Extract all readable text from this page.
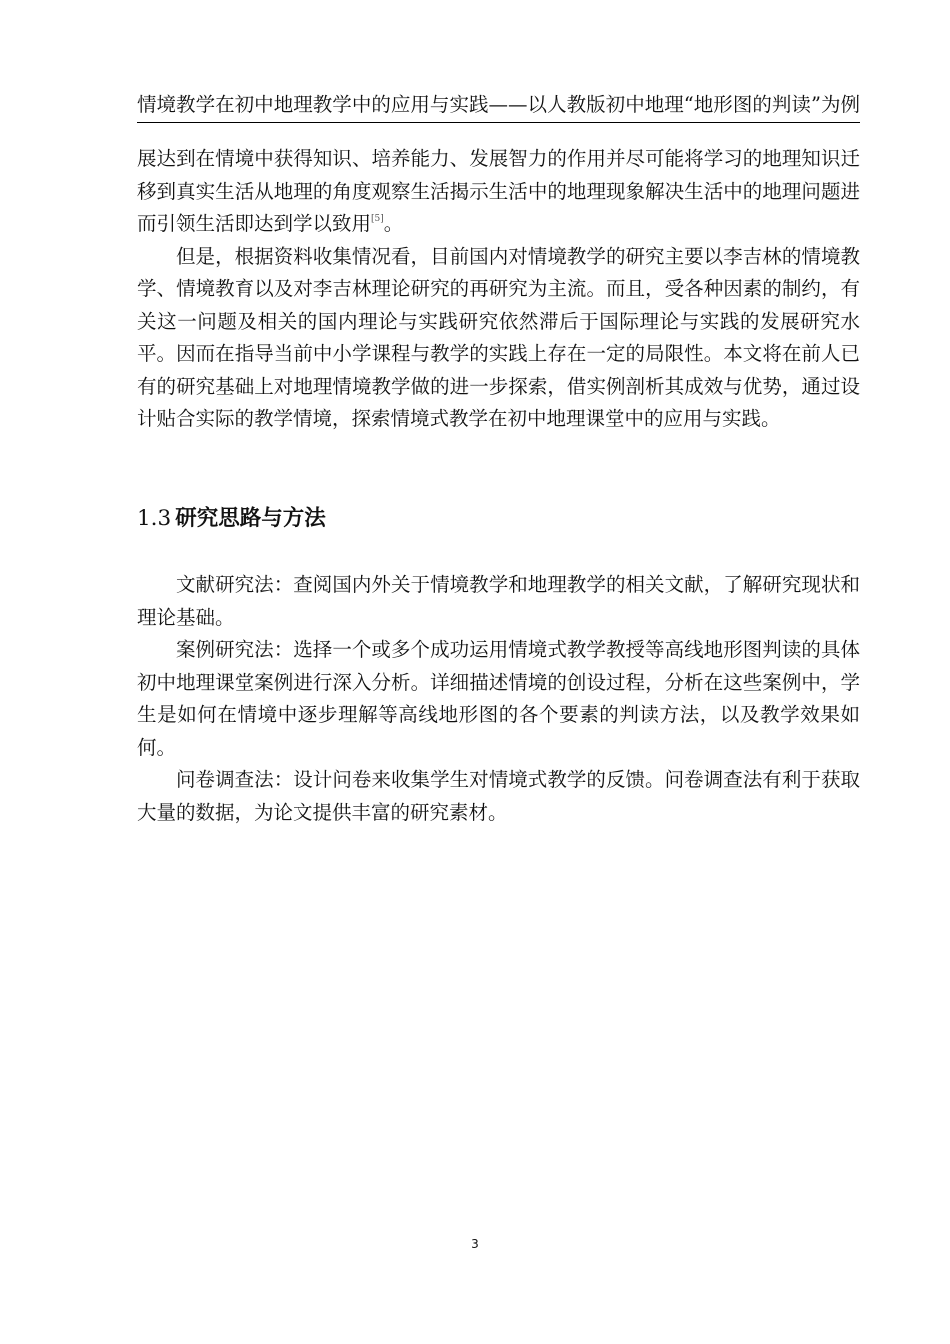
情境教学在初中地理教学中的应用与实践——以人教版初中地理“地形图的判读”为例

展达到在情境中获得知识、培养能力、发展智力的作用并尽可能将学习的地理知识迁移到真实生活从地理的角度观察生活揭示生活中的地理现象解决生活中的地理问题进而引领生活即达到学以致用[5]。

但是，根据资料收集情况看，目前国内对情境教学的研究主要以李吉林的情境教学、情境教育以及对李吉林理论研究的再研究为主流。而且，受各种因素的制约，有关这一问题及相关的国内理论与实践研究依然滞后于国际理论与实践的发展研究水平。因而在指导当前中小学课程与教学的实践上存在一定的局限性。本文将在前人已有的研究基础上对地理情境教学做的进一步探索，借实例剖析其成效与优势，通过设计贴合实际的教学情境，探索情境式教学在初中地理课堂中的应用与实践。

1.3 研究思路与方法

文献研究法：查阅国内外关于情境教学和地理教学的相关文献，了解研究现状和理论基础。

案例研究法：选择一个或多个成功运用情境式教学教授等高线地形图判读的具体初中地理课堂案例进行深入分析。详细描述情境的创设过程，分析在这些案例中，学生是如何在情境中逐步理解等高线地形图的各个要素的判读方法，以及教学效果如何。

问卷调查法：设计问卷来收集学生对情境式教学的反馈。问卷调查法有利于获取大量的数据，为论文提供丰富的研究素材。

3
